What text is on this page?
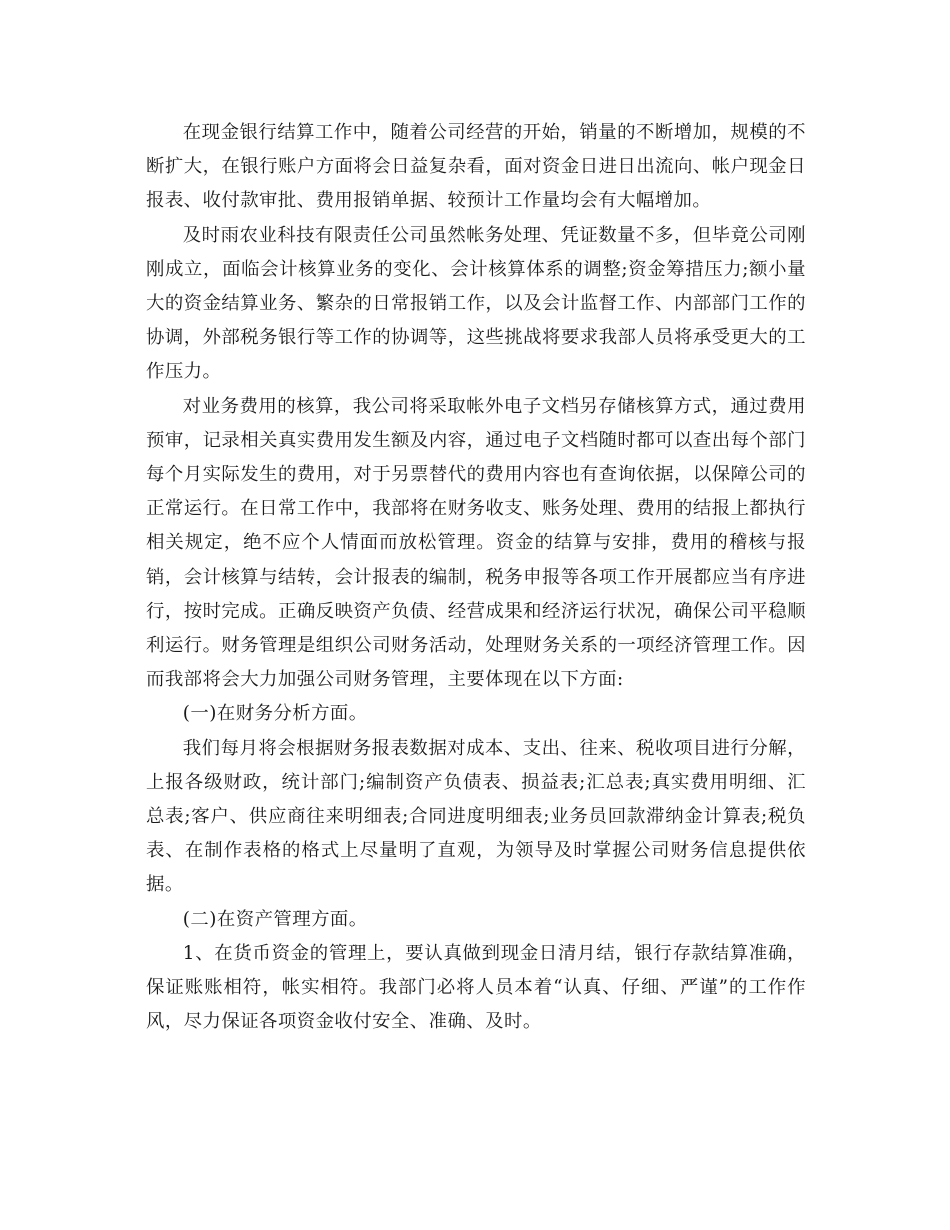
在现金银行结算工作中，随着公司经营的开始，销量的不断增加，规模的不断扩大，在银行账户方面将会日益复杂看，面对资金日进日出流向、帐户现金日报表、收付款审批、费用报销单据、较预计工作量均会有大幅增加。

及时雨农业科技有限责任公司虽然帐务处理、凭证数量不多，但毕竟公司刚刚成立，面临会计核算业务的变化、会计核算体系的调整;资金筹措压力;额小量大的资金结算业务、繁杂的日常报销工作，以及会计监督工作、内部部门工作的协调，外部税务银行等工作的协调等，这些挑战将要求我部人员将承受更大的工作压力。

对业务费用的核算，我公司将采取帐外电子文档另存储核算方式，通过费用预审，记录相关真实费用发生额及内容，通过电子文档随时都可以查出每个部门每个月实际发生的费用，对于另票替代的费用内容也有查询依据，以保障公司的正常运行。在日常工作中，我部将在财务收支、账务处理、费用的结报上都执行相关规定，绝不应个人情面而放松管理。资金的结算与安排，费用的稽核与报销，会计核算与结转，会计报表的编制，税务申报等各项工作开展都应当有序进行，按时完成。正确反映资产负债、经营成果和经济运行状况，确保公司平稳顺利运行。财务管理是组织公司财务活动，处理财务关系的一项经济管理工作。因而我部将会大力加强公司财务管理，主要体现在以下方面:

(一)在财务分析方面。

我们每月将会根据财务报表数据对成本、支出、往来、税收项目进行分解，上报各级财政，统计部门;编制资产负债表、损益表;汇总表;真实费用明细、汇总表;客户、供应商往来明细表;合同进度明细表;业务员回款滞纳金计算表;税负表、在制作表格的格式上尽量明了直观，为领导及时掌握公司财务信息提供依据。

(二)在资产管理方面。

1、在货币资金的管理上，要认真做到现金日清月结，银行存款结算准确，保证账账相符，帐实相符。我部门必将人员本着“认真、仔细、严谨”的工作作风，尽力保证各项资金收付安全、准确、及时。
